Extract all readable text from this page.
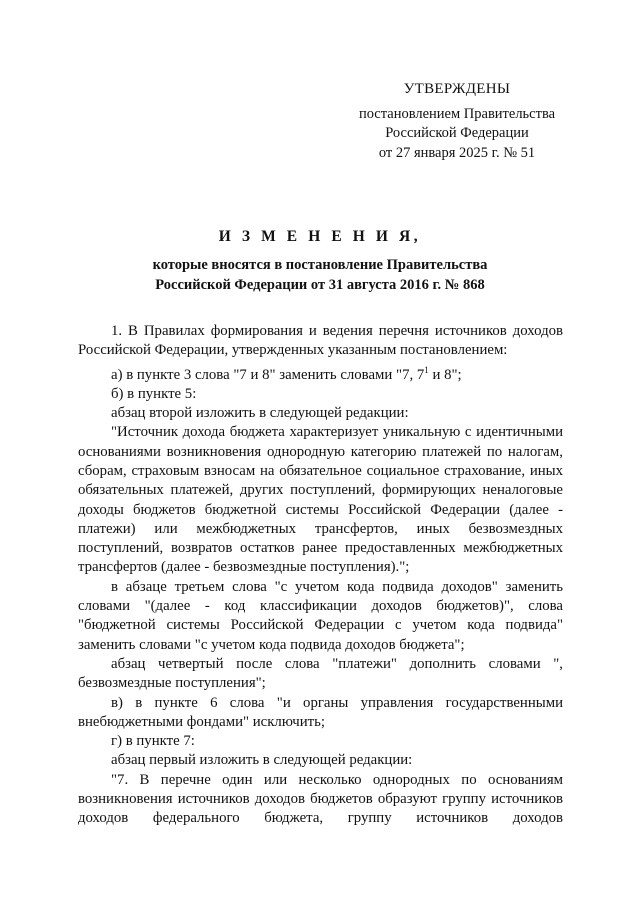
УТВЕРЖДЕНЫ
постановлением Правительства
Российской Федерации
от 27 января 2025 г. № 51
И З М Е Н Е Н И Я,
которые вносятся в постановление Правительства
Российской Федерации от 31 августа 2016 г. № 868

1. В Правилах формирования и ведения перечня источников доходов Российской Федерации, утвержденных указанным постановлением:

а) в пункте 3 слова "7 и 8" заменить словами "7, $7^1$ и 8";

б) в пункте 5:

абзац второй изложить в следующей редакции:

"Источник дохода бюджета характеризует уникальную с идентичными основаниями возникновения однородную категорию платежей по налогам, сборам, страховым взносам на обязательное социальное страхование, иных обязательных платежей, других поступлений, формирующих неналоговые доходы бюджетов бюджетной системы Российской Федерации (далее - платежи) или межбюджетных трансфертов, иных безвозмездных поступлений, возвратов остатков ранее предоставленных межбюджетных трансфертов (далее - безвозмездные поступления).";

в абзаце третьем слова "с учетом кода подвида доходов" заменить словами "(далее - код классификации доходов бюджетов)", слова "бюджетной системы Российской Федерации с учетом кода подвида" заменить словами "с учетом кода подвида доходов бюджета";

абзац четвертый после слова "платежи" дополнить словами ", безвозмездные поступления";

в) в пункте 6 слова "и органы управления государственными внебюджетными фондами" исключить;

г) в пункте 7:

абзац первый изложить в следующей редакции:

"7. В перечне один или несколько однородных по основаниям возникновения источников доходов бюджетов образуют группу источников доходов федерального бюджета, группу источников доходов
